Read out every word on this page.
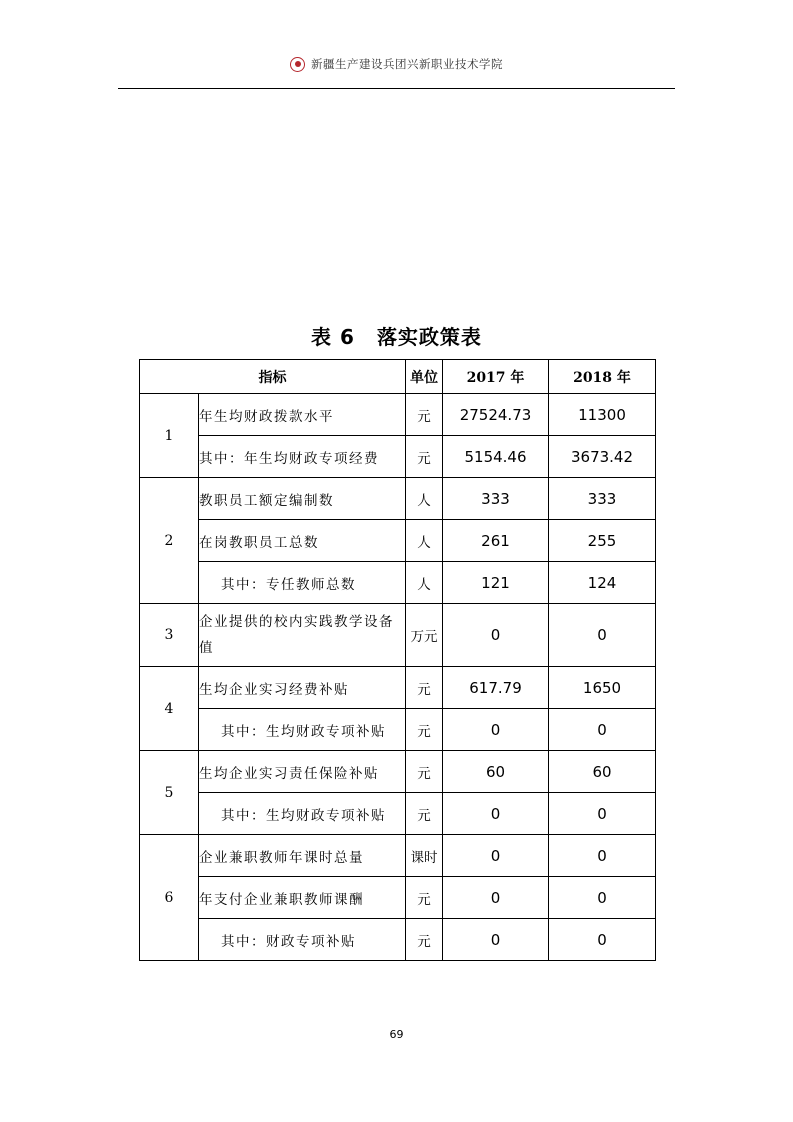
新疆生产建设兵团兴新职业技术学院
表 6 落实政策表
指标		单位	2017 年	2018 年
1	年生均财政拨款水平	元	27524.73	11300
	其中：年生均财政专项经费	元	5154.46	3673.42
2	教职员工额定编制数	人	333	333
	在岗教职员工总数	人	261	255
	其中：专任教师总数	人	121	124
3	企业提供的校内实践教学设备值	万元	0	0
4	生均企业实习经费补贴	元	617.79	1650
	其中：生均财政专项补贴	元	0	0
5	生均企业实习责任保险补贴	元	60	60
	其中：生均财政专项补贴	元	0	0
6	企业兼职教师年课时总量	课时	0	0
	年支付企业兼职教师课酬	元	0	0
	其中：财政专项补贴	元	0	0
69
